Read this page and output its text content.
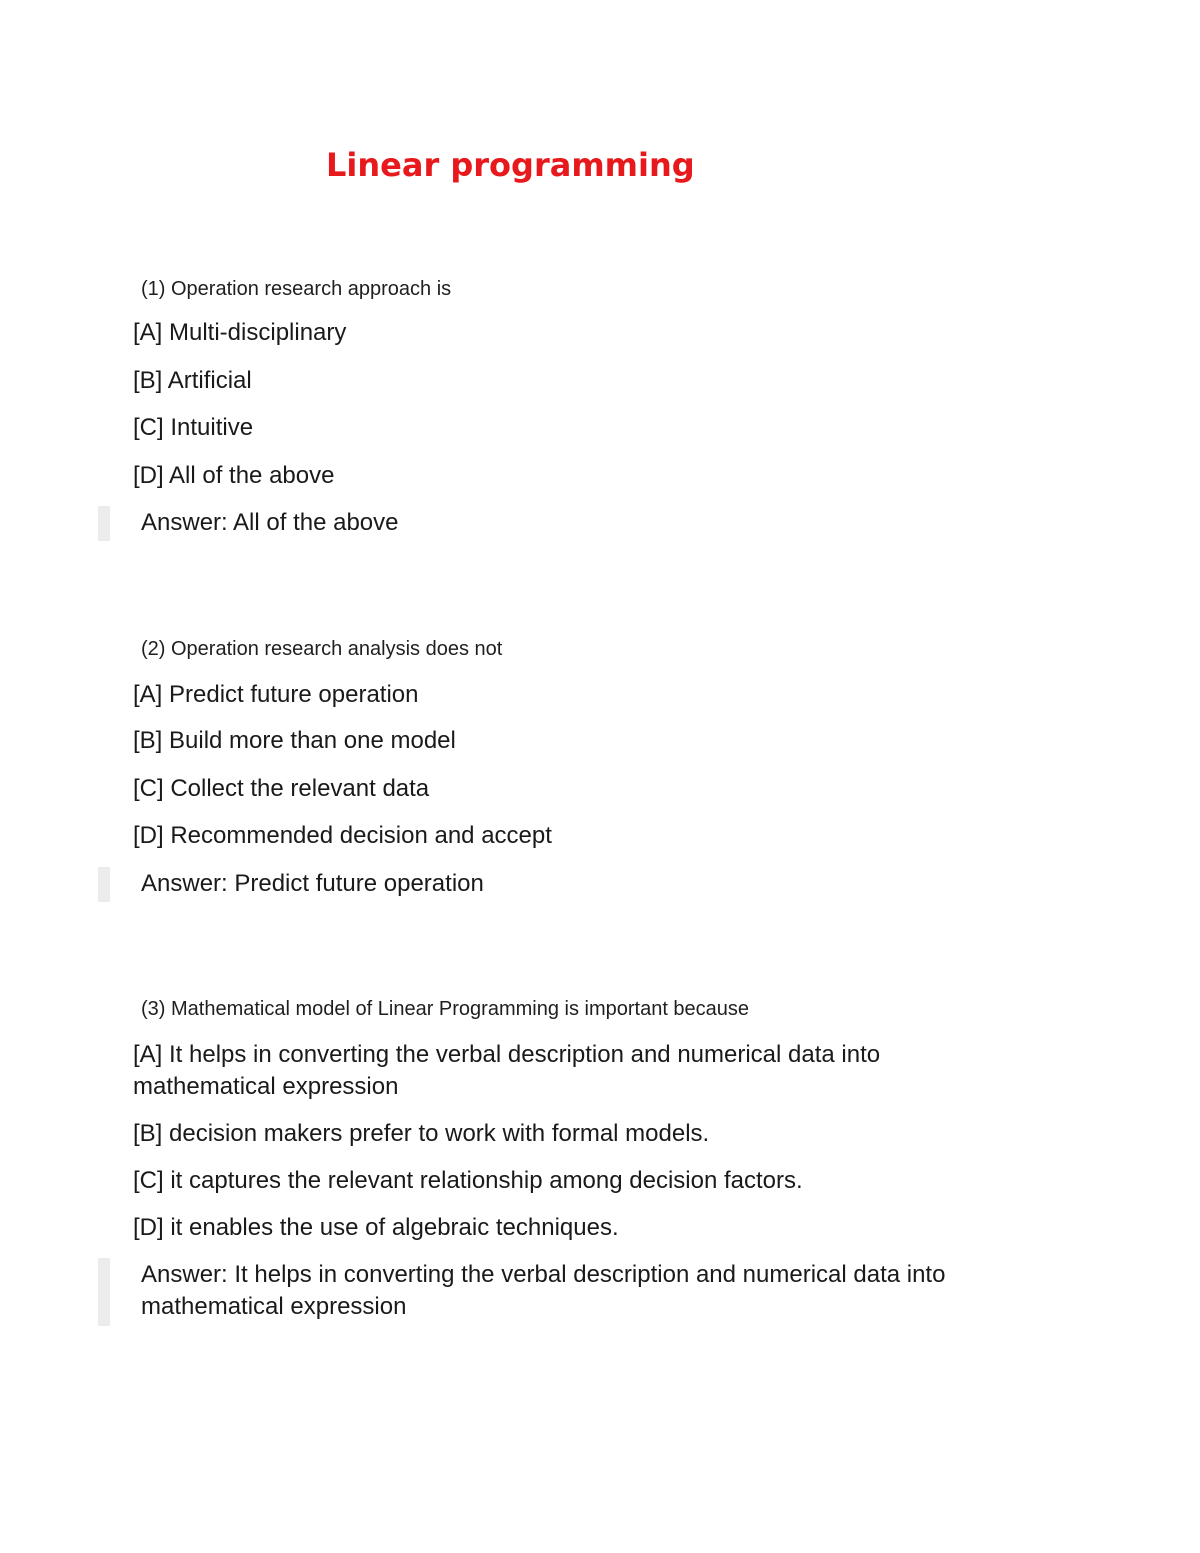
Linear programming

(1) Operation research approach is

[A] Multi-disciplinary

[B] Artificial

[C] Intuitive

[D] All of the above

Answer: All of the above

(2) Operation research analysis does not

[A] Predict future operation

[B] Build more than one model

[C] Collect the relevant data

[D] Recommended decision and accept

Answer: Predict future operation

(3) Mathematical model of Linear Programming is important because

[A] It helps in converting the verbal description and numerical data into mathematical expression

[B] decision makers prefer to work with formal models.

[C] it captures the relevant relationship among decision factors.

[D] it enables the use of algebraic techniques.

Answer: It helps in converting the verbal description and numerical data into mathematical expression
